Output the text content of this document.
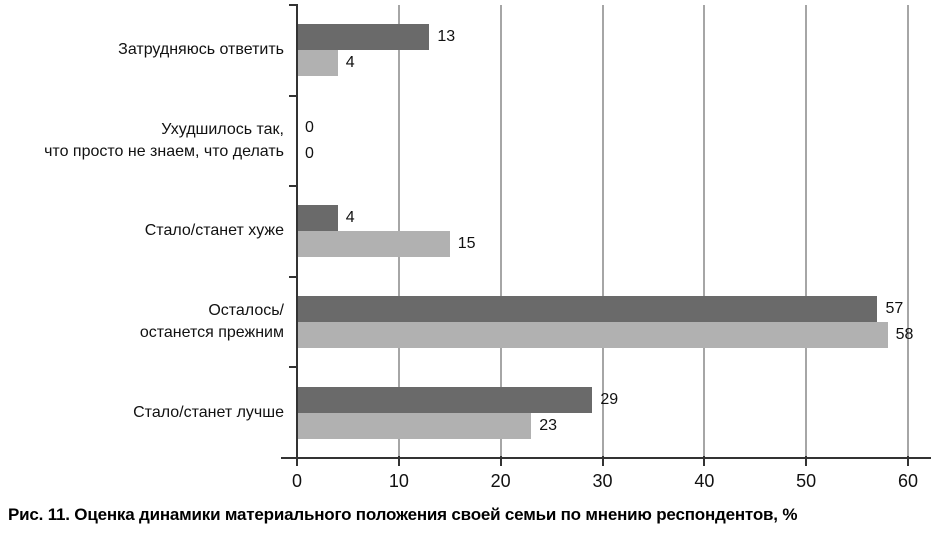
Затрудняюсь ответить
Ухудшилось так,
что просто не знаем, что делать
Стало/станет хуже
Осталось/
останется прежним
Стало/станет лучше
13
4
0
0
4
15
57
58
29
23
0	10	20	30	40	50	60
Рис. 11. Оценка динамики материального положения своей семьи по мнению респондентов, %
